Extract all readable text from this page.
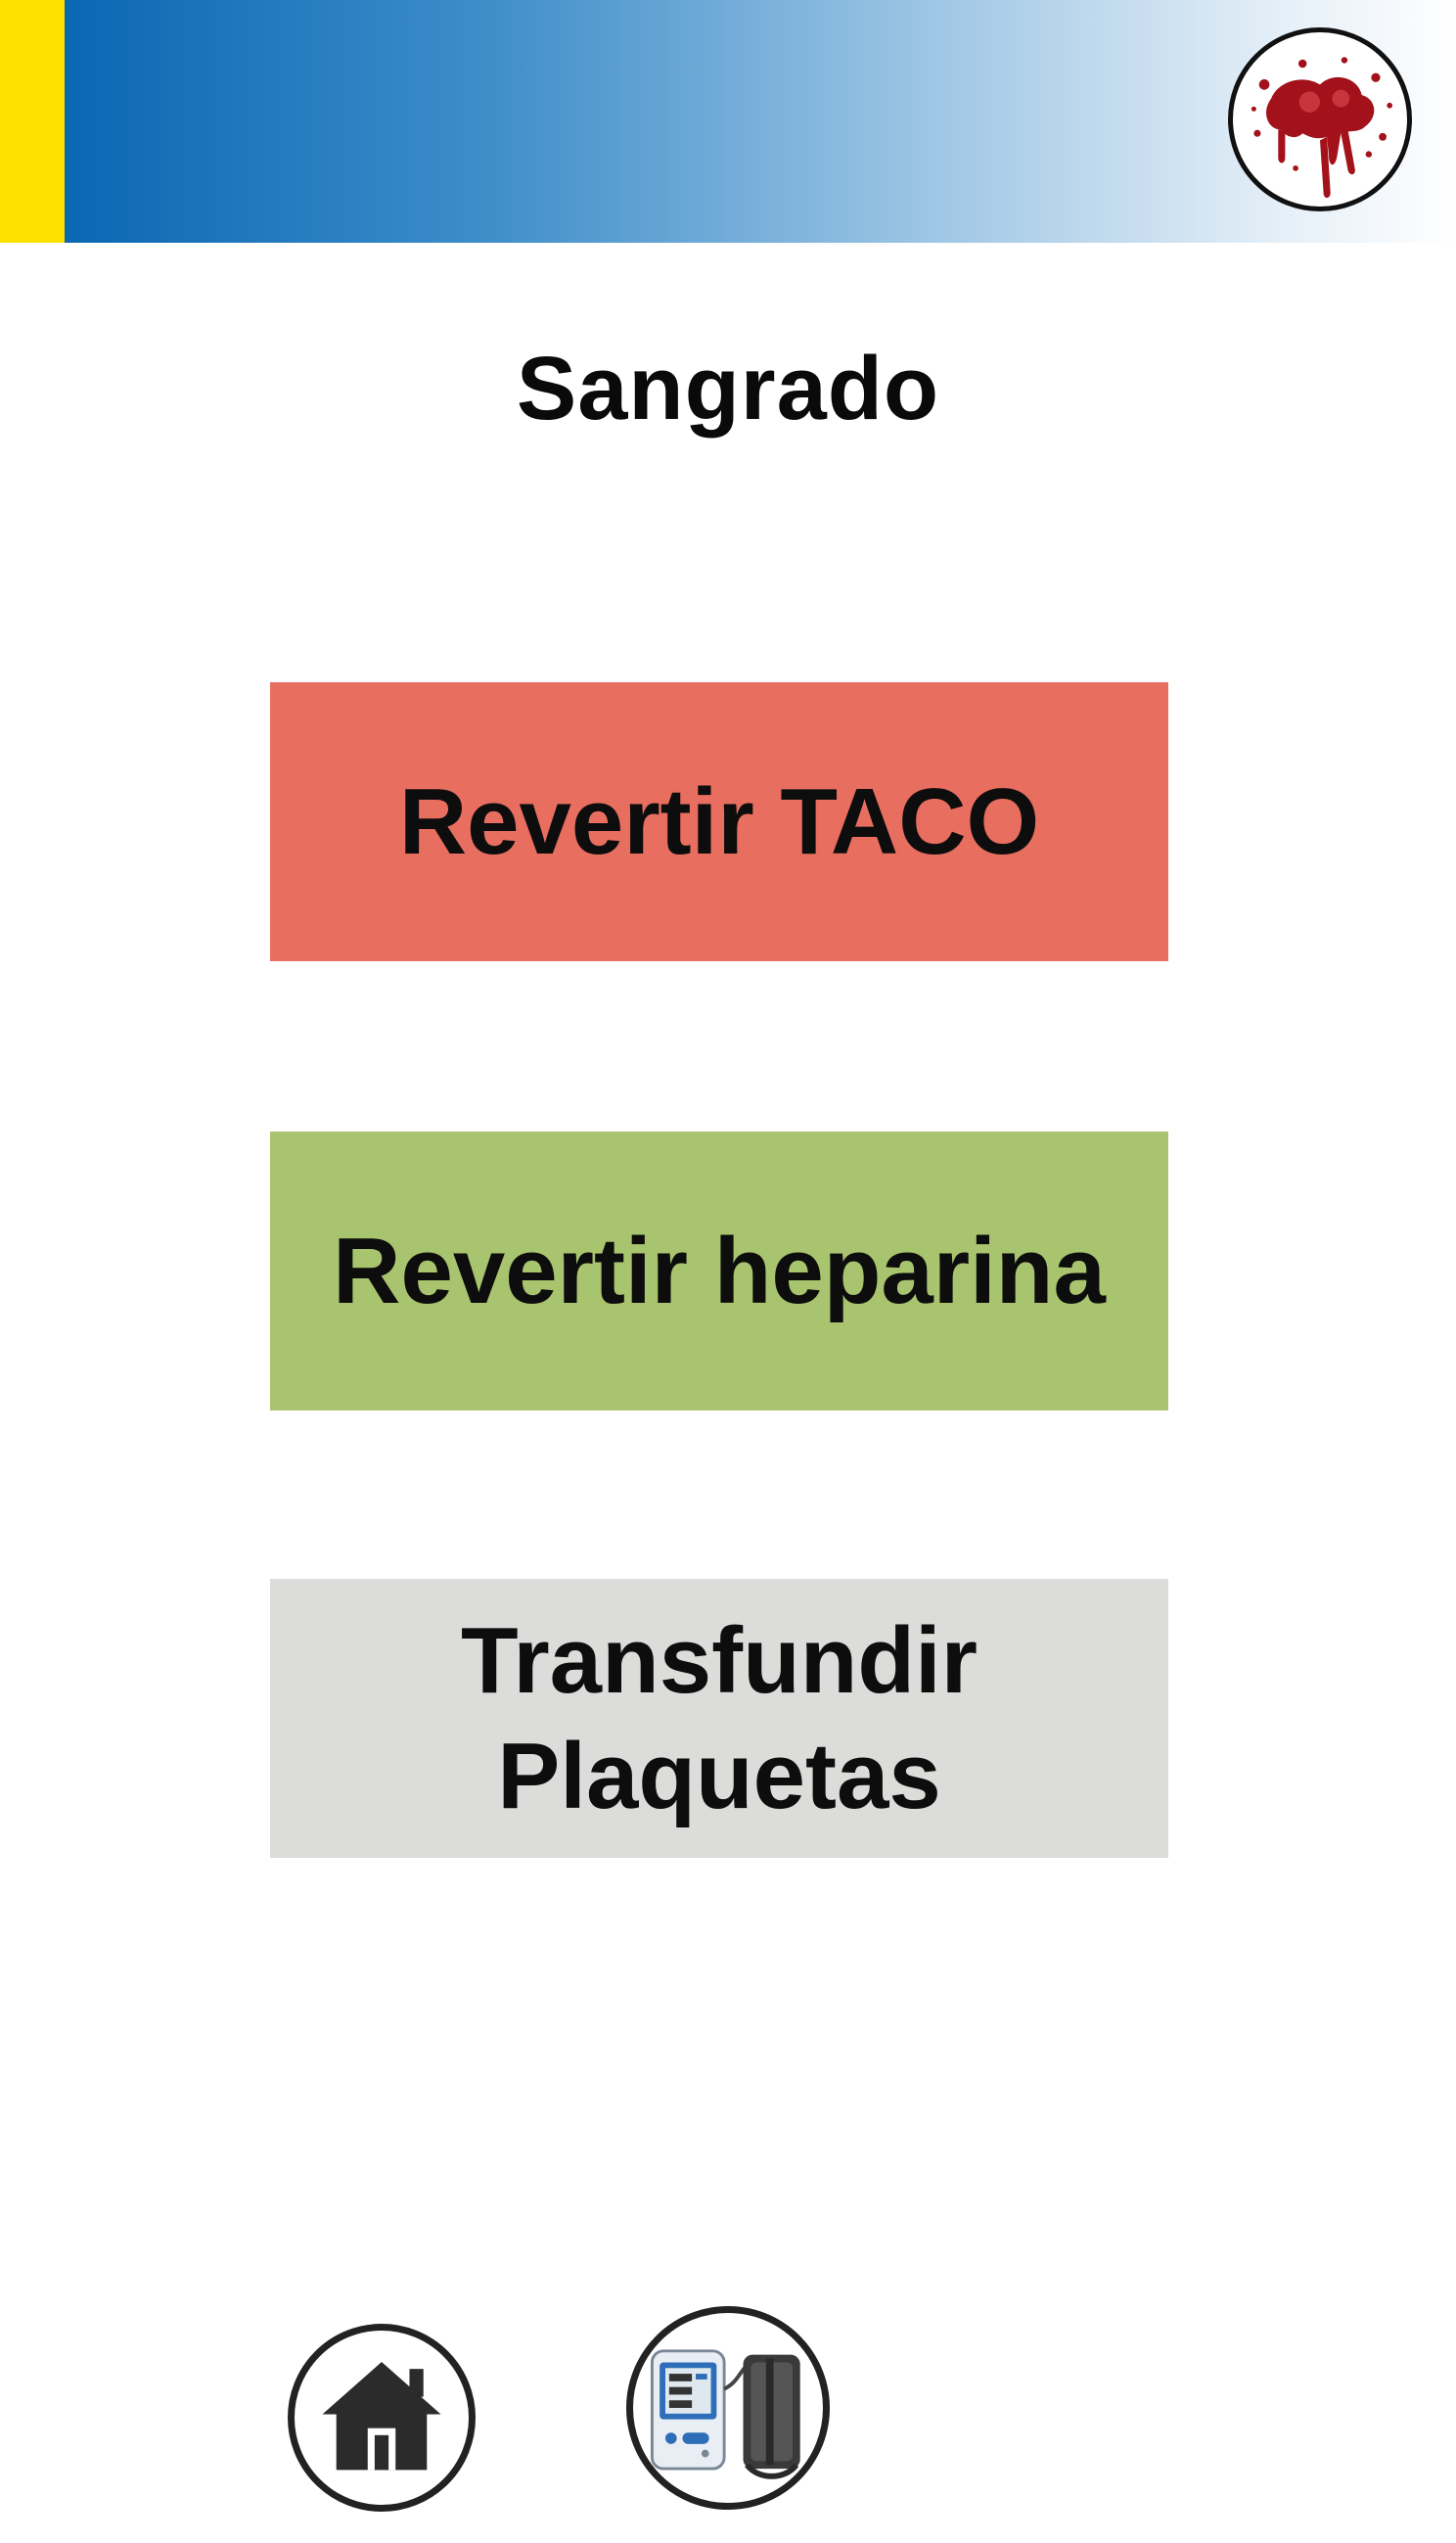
Sangrado
Revertir TACO
Revertir heparina
Transfundir
Plaquetas
